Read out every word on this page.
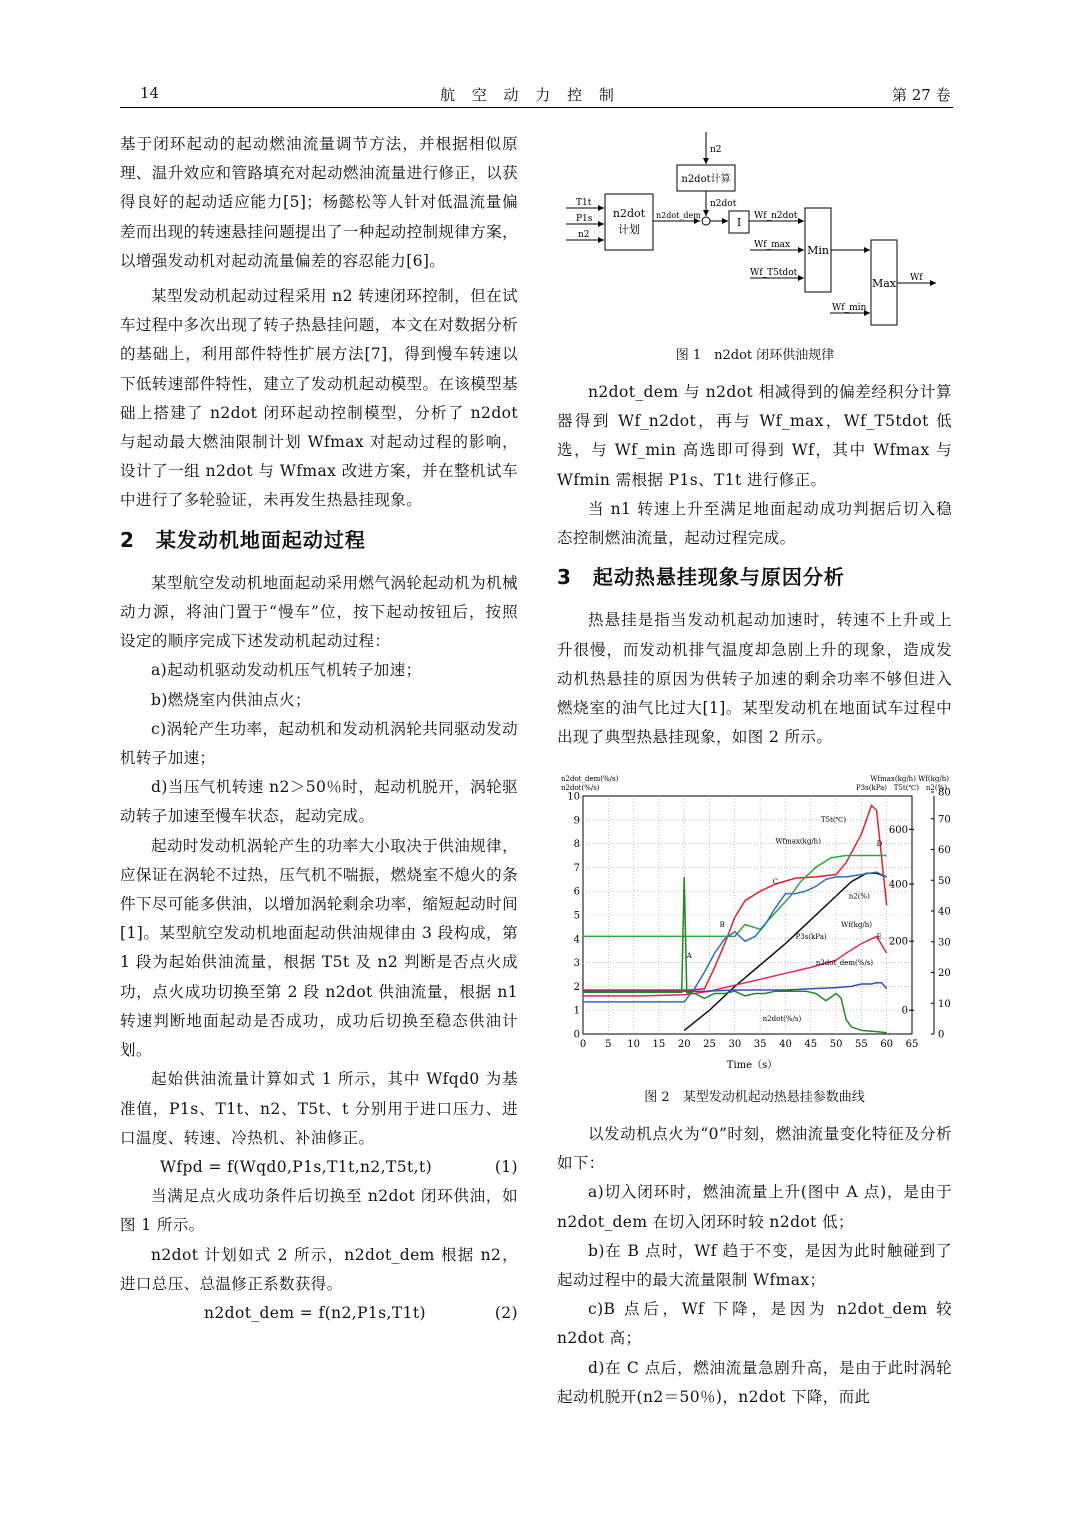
14	航 空 动 力 控 制	第 27 卷

基于闭环起动的起动燃油流量调节方法，并根据相似原理、温升效应和管路填充对起动燃油流量进行修正，以获得良好的起动适应能力[5]；杨懿松等人针对低温流量偏差而出现的转速悬挂问题提出了一种起动控制规律方案，以增强发动机对起动流量偏差的容忍能力[6]。

某型发动机起动过程采用 n2 转速闭环控制，但在试车过程中多次出现了转子热悬挂问题，本文在对数据分析的基础上，利用部件特性扩展方法[7]，得到慢车转速以下低转速部件特性，建立了发动机起动模型。在该模型基础上搭建了 n2dot 闭环起动控制模型，分析了 n2dot 与起动最大燃油限制计划 Wfmax 对起动过程的影响，设计了一组 n2dot 与 Wfmax 改进方案，并在整机试车中进行了多轮验证，未再发生热悬挂现象。

2　某发动机地面起动过程

某型航空发动机地面起动采用燃气涡轮起动机为机械动力源，将油门置于“慢车”位，按下起动按钮后，按照设定的顺序完成下述发动机起动过程：

a)起动机驱动发动机压气机转子加速；

b)燃烧室内供油点火；

c)涡轮产生功率，起动机和发动机涡轮共同驱动发动机转子加速；

d)当压气机转速 n2＞50％时，起动机脱开，涡轮驱动转子加速至慢车状态，起动完成。

起动时发动机涡轮产生的功率大小取决于供油规律，应保证在涡轮不过热，压气机不喘振，燃烧室不熄火的条件下尽可能多供油，以增加涡轮剩余功率，缩短起动时间[1]。某型航空发动机地面起动供油规律由 3 段构成，第 1 段为起始供油流量，根据 T5t 及 n2 判断是否点火成功，点火成功切换至第 2 段 n2dot 供油流量，根据 n1 转速判断地面起动是否成功，成功后切换至稳态供油计划。

起始供油流量计算如式 1 所示，其中 Wfqd0 为基准值，P1s、T1t、n2、T5t、t 分别用于进口压力、进口温度、转速、冷热机、补油修正。

Wfpd = f(Wqd0,P1s,T1t,n2,T5t,t)	(1)

当满足点火成功条件后切换至 n2dot 闭环供油，如图 1 所示。

n2dot 计划如式 2 所示，n2dot_dem 根据 n2，进口总压、总温修正系数获得。

n2dot_dem = f(n2,P1s,T1t)	(2)

n2
n2dot计算
n2dot
T1t
P1s
n2
n2dot
计划
n2dot_dem
I Wf_n2dot
Wf_max
Wf_T5tdot
Min
Wf_min
Max Wf
图 1　n2dot 闭环供油规律

n2dot_dem 与 n2dot 相减得到的偏差经积分计算器得到 Wf_n2dot，再与 Wf_max，Wf_T5tdot 低选，与 Wf_min 高选即可得到 Wf，其中 Wfmax 与 Wfmin 需根据 P1s、T1t 进行修正。

当 n1 转速上升至满足地面起动成功判据后切入稳态控制燃油流量，起动过程完成。

3　起动热悬挂现象与原因分析

热悬挂是指当发动机起动加速时，转速不上升或上升很慢，而发动机排气温度却急剧上升的现象，造成发动机热悬挂的原因为供转子加速的剩余功率不够但进入燃烧室的油气比过大[1]。某型发动机在地面试车过程中出现了典型热悬挂现象，如图 2 所示。

n2dot_dem(%/s)
n2dot(%/s)
Wfmax(kg/h) Wf(kg/h)
P3s(kPa) T5t(℃) n2(%)
0 5 10 15 20 25 30 35 40 45 50 55 60 65
0
1
2
3
4
5
6
7
8
9
10
0
200
400
600
0
10
20
30
40
50
60
70
80
A
B
C
D
E
T5t(℃)
Wfmax(kg/h)
n2(%)
Wf(kg/h)
P3s(kPa)
n2dot_dem(%/s)
n2dot(%/s)
Time（s）
图 2　某型发动机起动热悬挂参数曲线

以发动机点火为“0”时刻，燃油流量变化特征及分析如下：

a)切入闭环时，燃油流量上升(图中 A 点)，是由于 n2dot_dem 在切入闭环时较 n2dot 低；

b)在 B 点时，Wf 趋于不变，是因为此时触碰到了起动过程中的最大流量限制 Wfmax；

c)B 点后，Wf 下降，是因为 n2dot_dem 较 n2dot 高；

d)在 C 点后，燃油流量急剧升高，是由于此时涡轮起动机脱开(n2＝50％)，n2dot 下降，而此
